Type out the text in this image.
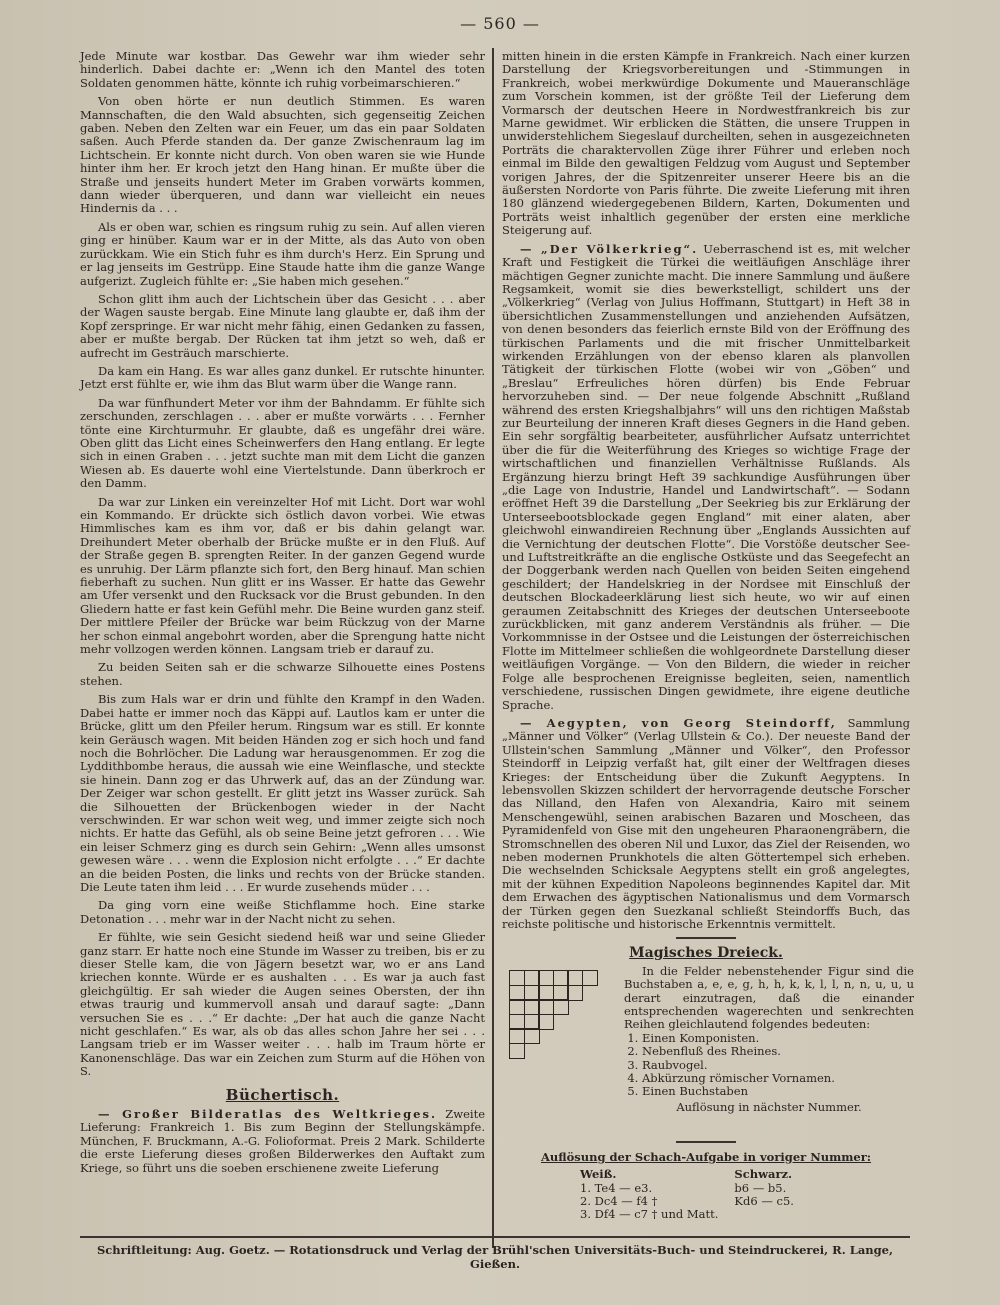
— 560 —

Jede Minute war kostbar. Das Gewehr war ihm wieder sehr hinderlich. Dabei dachte er: „Wenn ich den Mantel des toten Soldaten genommen hätte, könnte ich ruhig vorbeimarschieren.“

Von oben hörte er nun deutlich Stimmen. Es waren Mannschaften, die den Wald absuchten, sich gegenseitig Zeichen gaben. Neben den Zelten war ein Feuer, um das ein paar Soldaten saßen. Auch Pferde standen da. Der ganze Zwischenraum lag im Lichtschein. Er konnte nicht durch. Von oben waren sie wie Hunde hinter ihm her. Er kroch jetzt den Hang hinan. Er mußte über die Straße und jenseits hundert Meter im Graben vorwärts kommen, dann wieder überqueren, und dann war vielleicht ein neues Hindernis da . . .

Als er oben war, schien es ringsum ruhig zu sein. Auf allen vieren ging er hinüber. Kaum war er in der Mitte, als das Auto von oben zurückkam. Wie ein Stich fuhr es ihm durch's Herz. Ein Sprung und er lag jenseits im Gestrüpp. Eine Staude hatte ihm die ganze Wange aufgerizt. Zugleich fühlte er: „Sie haben mich gesehen.“

Schon glitt ihm auch der Lichtschein über das Gesicht . . . aber der Wagen sauste bergab. Eine Minute lang glaubte er, daß ihm der Kopf zerspringe. Er war nicht mehr fähig, einen Gedanken zu fassen, aber er mußte bergab. Der Rücken tat ihm jetzt so weh, daß er aufrecht im Gesträuch marschierte.

Da kam ein Hang. Es war alles ganz dunkel. Er rutschte hinunter. Jetzt erst fühlte er, wie ihm das Blut warm über die Wange rann.

Da war fünfhundert Meter vor ihm der Bahndamm. Er fühlte sich zerschunden, zerschlagen . . . aber er mußte vorwärts . . . Fernher tönte eine Kirchturmuhr. Er glaubte, daß es ungefähr drei wäre. Oben glitt das Licht eines Scheinwerfers den Hang entlang. Er legte sich in einen Graben . . . jetzt suchte man mit dem Licht die ganzen Wiesen ab. Es dauerte wohl eine Viertelstunde. Dann überkroch er den Damm.

Da war zur Linken ein vereinzelter Hof mit Licht. Dort war wohl ein Kommando. Er drückte sich östlich davon vorbei. Wie etwas Himmlisches kam es ihm vor, daß er bis dahin gelangt war. Dreihundert Meter oberhalb der Brücke mußte er in den Fluß. Auf der Straße gegen B. sprengten Reiter. In der ganzen Gegend wurde es unruhig. Der Lärm pflanzte sich fort, den Berg hinauf. Man schien fieberhaft zu suchen. Nun glitt er ins Wasser. Er hatte das Gewehr am Ufer versenkt und den Rucksack vor die Brust gebunden. In den Gliedern hatte er fast kein Gefühl mehr. Die Beine wurden ganz steif. Der mittlere Pfeiler der Brücke war beim Rückzug von der Marne her schon einmal angebohrt worden, aber die Sprengung hatte nicht mehr vollzogen werden können. Langsam trieb er darauf zu.

Zu beiden Seiten sah er die schwarze Silhouette eines Postens stehen.

Bis zum Hals war er drin und fühlte den Krampf in den Waden. Dabei hatte er immer noch das Käppi auf. Lautlos kam er unter die Brücke, glitt um den Pfeiler herum. Ringsum war es still. Er konnte kein Geräusch wagen. Mit beiden Händen zog er sich hoch und fand noch die Bohrlöcher. Die Ladung war herausgenommen. Er zog die Lyddithbombe heraus, die aussah wie eine Weinflasche, und steckte sie hinein. Dann zog er das Uhrwerk auf, das an der Zündung war. Der Zeiger war schon gestellt. Er glitt jetzt ins Wasser zurück. Sah die Silhouetten der Brückenbogen wieder in der Nacht verschwinden. Er war schon weit weg, und immer zeigte sich noch nichts. Er hatte das Gefühl, als ob seine Beine jetzt gefroren . . . Wie ein leiser Schmerz ging es durch sein Gehirn: „Wenn alles umsonst gewesen wäre . . . wenn die Explosion nicht erfolgte . . .“ Er dachte an die beiden Posten, die links und rechts von der Brücke standen. Die Leute taten ihm leid . . . Er wurde zusehends müder . . .

Da ging vorn eine weiße Stichflamme hoch. Eine starke Detonation . . . mehr war in der Nacht nicht zu sehen.

Er fühlte, wie sein Gesicht siedend heiß war und seine Glieder ganz starr. Er hatte noch eine Stunde im Wasser zu treiben, bis er zu dieser Stelle kam, die von Jägern besetzt war, wo er ans Land kriechen konnte. Würde er es aushalten . . . Es war ja auch fast gleichgültig. Er sah wieder die Augen seines Obersten, der ihn etwas traurig und kummervoll ansah und darauf sagte: „Dann versuchen Sie es . . .“ Er dachte: „Der hat auch die ganze Nacht nicht geschlafen.“ Es war, als ob das alles schon Jahre her sei . . . Langsam trieb er im Wasser weiter . . . halb im Traum hörte er Kanonenschläge. Das war ein Zeichen zum Sturm auf die Höhen von S.

Büchertisch.

— Großer Bilderatlas des Weltkrieges. Zweite Lieferung: Frankreich 1. Bis zum Beginn der Stellungskämpfe. München, F. Bruckmann, A.-G. Folioformat. Preis 2 Mark. Schilderte die erste Lieferung dieses großen Bilderwerkes den Auftakt zum Kriege, so führt uns die soeben erschienene zweite Lieferung

mitten hinein in die ersten Kämpfe in Frankreich. Nach einer kurzen Darstellung der Kriegsvorbereitungen und -Stimmungen in Frankreich, wobei merkwürdige Dokumente und Maueranschläge zum Vorschein kommen, ist der größte Teil der Lieferung dem Vormarsch der deutschen Heere in Nordwestfrankreich bis zur Marne gewidmet. Wir erblicken die Stätten, die unsere Truppen in unwiderstehlichem Siegeslauf durcheilten, sehen in ausgezeichneten Porträts die charaktervollen Züge ihrer Führer und erleben noch einmal im Bilde den gewaltigen Feldzug vom August und September vorigen Jahres, der die Spitzenreiter unserer Heere bis an die äußersten Nordorte von Paris führte. Die zweite Lieferung mit ihren 180 glänzend wiedergegebenen Bildern, Karten, Dokumenten und Porträts weist inhaltlich gegenüber der ersten eine merkliche Steigerung auf.

— „Der Völkerkrieg“. Ueberraschend ist es, mit welcher Kraft und Festigkeit die Türkei die weitläufigen Anschläge ihrer mächtigen Gegner zunichte macht. Die innere Sammlung und äußere Regsamkeit, womit sie dies bewerkstelligt, schildert uns der „Völkerkrieg“ (Verlag von Julius Hoffmann, Stuttgart) in Heft 38 in übersichtlichen Zusammenstellungen und anziehenden Aufsätzen, von denen besonders das feierlich ernste Bild von der Eröffnung des türkischen Parlaments und die mit frischer Unmittelbarkeit wirkenden Erzählungen von der ebenso klaren als planvollen Tätigkeit der türkischen Flotte (wobei wir von „Göben“ und „Breslau“ Erfreuliches hören dürfen) bis Ende Februar hervorzuheben sind. — Der neue folgende Abschnitt „Rußland während des ersten Kriegshalbjahrs“ will uns den richtigen Maßstab zur Beurteilung der inneren Kraft dieses Gegners in die Hand geben. Ein sehr sorgfältig bearbeiteter, ausführlicher Aufsatz unterrichtet über die für die Weiterführung des Krieges so wichtige Frage der wirtschaftlichen und finanziellen Verhältnisse Rußlands. Als Ergänzung hierzu bringt Heft 39 sachkundige Ausführungen über „die Lage von Industrie, Handel und Landwirtschaft“. — Sodann eröffnet Heft 39 die Darstellung „Der Seekrieg bis zur Erklärung der Unterseebootsblockade gegen England“ mit einer alaten, aber gleichwohl einwandireien Rechnung über „Englands Aussichten auf die Vernichtung der deutschen Flotte“. Die Vorstöße deutscher See- und Luftstreitkräfte an die englische Ostküste und das Seegefecht an der Doggerbank werden nach Quellen von beiden Seiten eingehend geschildert; der Handelskrieg in der Nordsee mit Einschluß der deutschen Blockadeerklärung liest sich heute, wo wir auf einen geraumen Zeitabschnitt des Krieges der deutschen Unterseeboote zurückblicken, mit ganz anderem Verständnis als früher. — Die Vorkommnisse in der Ostsee und die Leistungen der österreichischen Flotte im Mittelmeer schließen die wohlgeordnete Darstellung dieser weitläufigen Vorgänge. — Von den Bildern, die wieder in reicher Folge alle besprochenen Ereignisse begleiten, seien, namentlich verschiedene, russischen Dingen gewidmete, ihre eigene deutliche Sprache.

— Aegypten, von Georg Steindorff, Sammlung „Männer und Völker“ (Verlag Ullstein & Co.). Der neueste Band der Ullstein'schen Sammlung „Männer und Völker“, den Professor Steindorff in Leipzig verfaßt hat, gilt einer der Weltfragen dieses Krieges: der Entscheidung über die Zukunft Aegyptens. In lebensvollen Skizzen schildert der hervorragende deutsche Forscher das Nilland, den Hafen von Alexandria, Kairo mit seinem Menschengewühl, seinen arabischen Bazaren und Moscheen, das Pyramidenfeld von Gise mit den ungeheuren Pharaonengräbern, die Stromschnellen des oberen Nil und Luxor, das Ziel der Reisenden, wo neben modernen Prunkhotels die alten Göttertempel sich erheben. Die wechselnden Schicksale Aegyptens stellt ein groß angelegtes, mit der kühnen Expedition Napoleons beginnendes Kapitel dar. Mit dem Erwachen des ägyptischen Nationalismus und dem Vormarsch der Türken gegen den Suezkanal schließt Steindorffs Buch, das reichste politische und historische Erkenntnis vermittelt.

Magisches Dreieck.
In die Felder nebenstehender Figur sind die Buchstaben a, e, e, g, h, h, k, k, l, l, n, n, u, u, u derart einzutragen, daß die einander entsprechenden wagerechten und senkrechten Reihen gleichlautend folgendes bedeuten:
1. Einen Komponisten.
2. Nebenfluß des Rheines.
3. Raubvogel.
4. Abkürzung römischer Vornamen.
5. Einen Buchstaben
Auflösung in nächster Nummer.
Auflösung der Schach-Aufgabe in voriger Nummer:
Weiß.	Schwarz.
1. Te4 — e3.	b6 — b5.
2. Dc4 — f4 †	Kd6 — c5.
3. Df4 — c7 † und Matt.	
Schriftleitung: Aug. Goetz. — Rotationsdruck und Verlag der Brühl'schen Universitäts-Buch- und Steindruckerei, R. Lange, Gießen.
